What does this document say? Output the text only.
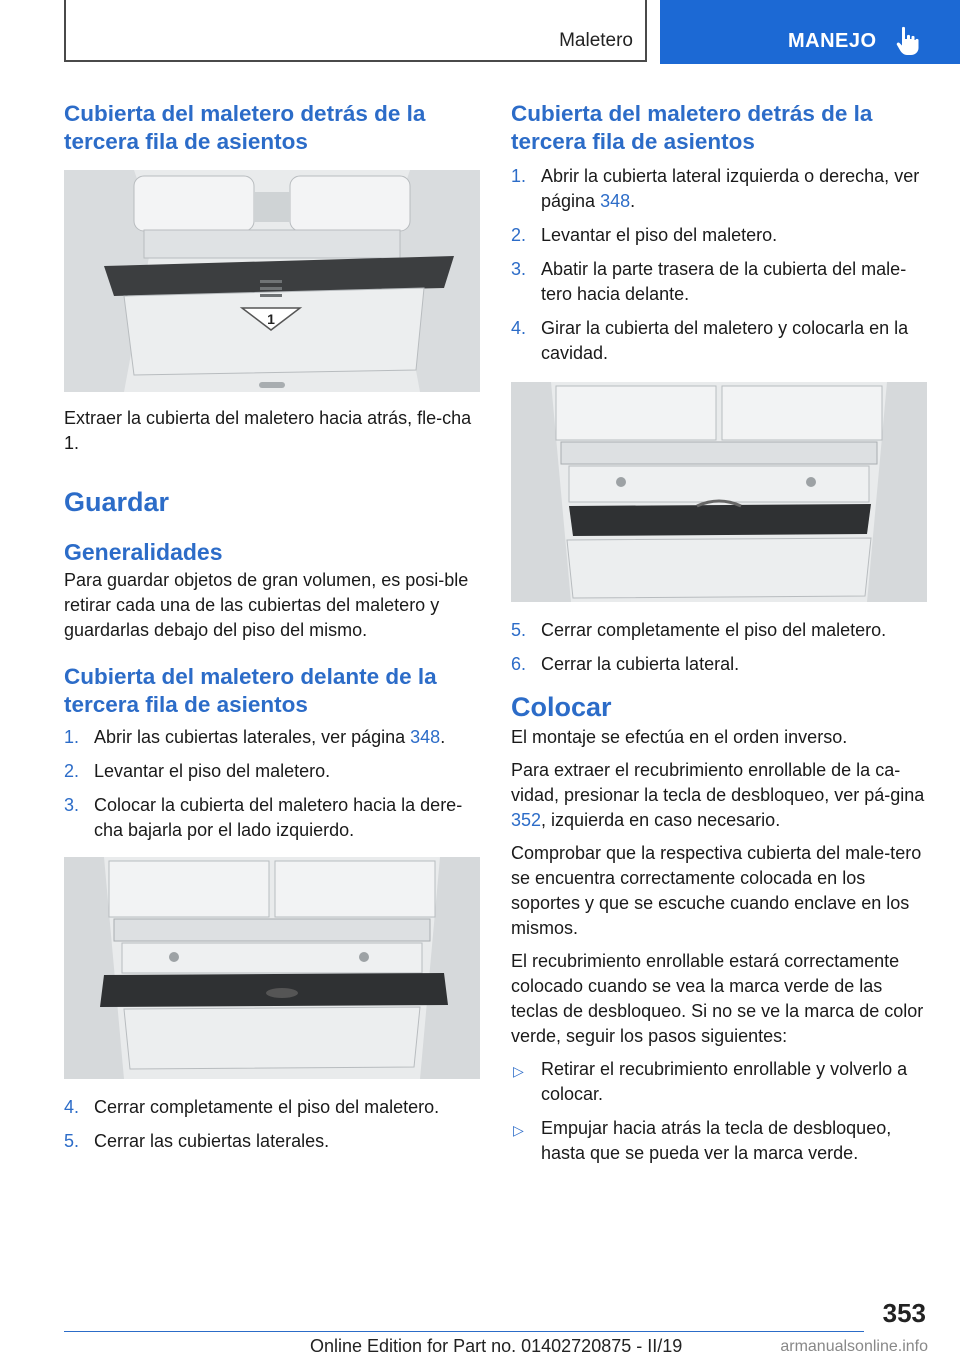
Maletero	MANEJO
Cubierta del maletero detrás de la tercera fila de asientos
1

Extraer la cubierta del maletero hacia atrás, fle-cha 1.

Guardar
Generalidades

Para guardar objetos de gran volumen, es posi-ble retirar cada una de las cubiertas del maletero y guardarlas debajo del piso del mismo.

Cubierta del maletero delante de la tercera fila de asientos
1. Abrir las cubiertas laterales, ver página 348.
2. Levantar el piso del maletero.
3. Colocar la cubierta del maletero hacia la dere-cha bajarla por el lado izquierdo.
4. Cerrar completamente el piso del maletero.
5. Cerrar las cubiertas laterales.
Cubierta del maletero detrás de la tercera fila de asientos
1. Abrir la cubierta lateral izquierda o derecha, ver página 348.
2. Levantar el piso del maletero.
3. Abatir la parte trasera de la cubierta del male-tero hacia delante.
4. Girar la cubierta del maletero y colocarla en la cavidad.
5. Cerrar completamente el piso del maletero.
6. Cerrar la cubierta lateral.
Colocar

El montaje se efectúa en el orden inverso.

Para extraer el recubrimiento enrollable de la ca-vidad, presionar la tecla de desbloqueo, ver pá-gina 352, izquierda en caso necesario.

Comprobar que la respectiva cubierta del male-tero se encuentra correctamente colocada en los soportes y que se escuche cuando enclave en los mismos.

El recubrimiento enrollable estará correctamente colocado cuando se vea la marca verde de las teclas de desbloqueo. Si no se ve la marca de color verde, seguir los pasos siguientes:

▷ Retirar el recubrimiento enrollable y volverlo a colocar.
▷ Empujar hacia atrás la tecla de desbloqueo, hasta que se pueda ver la marca verde.
353
Online Edition for Part no. 01402720875 - II/19	armanualsonline.info
